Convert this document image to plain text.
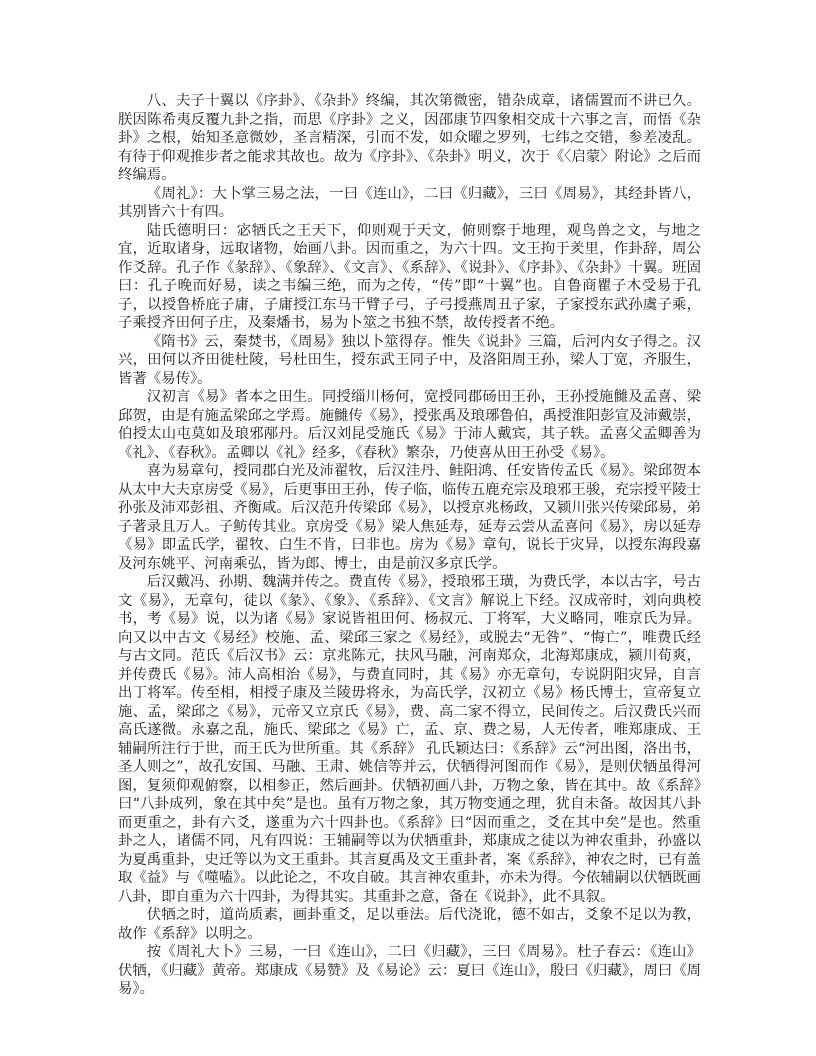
八、夫子十翼以《序卦》、《杂卦》终编，其次第微密，错杂成章，诸儒置而不讲已久。朕因陈希夷反覆九卦之指，而思《序卦》之义，因邵康节四象相交成十六事之言，而悟《杂卦》之根，始知圣意微妙，圣言精深，引而不发，如众曜之罗列，七纬之交错，参差凌乱。有待于仰观推步者之能求其故也。故为《序卦》、《杂卦》明义，次于《〈启蒙〉附论》之后而终编焉。

《周礼》：大卜掌三易之法，一曰《连山》，二曰《归藏》，三曰《周易》，其经卦皆八，其别皆六十有四。

陆氏德明曰：宓牺氏之王天下，仰则观于天文，俯则察于地理，观鸟兽之文，与地之宜，近取诸身，远取诸物，始画八卦。因而重之，为六十四。文王拘于羑里，作卦辞，周公作爻辞。孔子作《彖辞》、《象辞》、《文言》、《系辞》、《说卦》、《序卦》、《杂卦》十翼。班固曰：孔子晚而好易，读之韦编三绝，而为之传，“传”即“十翼”也。自鲁商瞿子木受易于孔子，以授鲁桥庇子庸，子庸授江东马干臂子弓，子弓授燕周丑子家，子家授东武孙虞子乘，子乘授齐田何子庄，及秦燔书，易为卜筮之书独不禁，故传授者不绝。

《隋书》云，秦焚书，《周易》独以卜筮得存。惟失《说卦》三篇，后河内女子得之。汉兴，田何以齐田徙杜陵，号杜田生，授东武王同子中，及洛阳周王孙，梁人丁宽，齐服生，皆著《易传》。

汉初言《易》者本之田生。同授缁川杨何，宽授同郡砀田王孙，王孙授施雠及孟喜、梁邱贺，由是有施孟梁邱之学焉。施雠传《易》，授张禹及琅琊鲁伯，禹授淮阳彭宣及沛戴崇，伯授太山屯莫如及琅邪邴丹。后汉刘昆受施氏《易》于沛人戴宾，其子轶。孟喜父孟卿善为《礼》、《春秋》。孟卿以《礼》经多，《春秋》繁杂，乃使喜从田王孙受《易》。

喜为易章句，授同郡白光及沛翟牧，后汉洼丹、鲑阳鸿、任安皆传孟氏《易》。梁邱贺本从太中大夫京房受《易》，后更事田王孙，传子临，临传五鹿充宗及琅邪王骏，充宗授平陵士孙张及沛邓彭祖、齐衡咸。后汉范升传梁邱《易》，以授京兆杨政，又颍川张兴传梁邱易，弟子著录且万人。子鲂传其业。京房受《易》梁人焦延寿，延寿云尝从孟喜问《易》，房以延寿《易》即孟氏学，翟牧、白生不肯，曰非也。房为《易》章句，说长于灾异，以授东海段嘉及河东姚平、河南乘弘，皆为郎、博士，由是前汉多京氏学。

后汉戴冯、孙期、魏满并传之。费直传《易》，授琅邪王璜，为费氏学，本以古字，号古文《易》，无章句，徒以《彖》、《象》、《系辞》、《文言》解说上下经。汉成帝时，刘向典校书，考《易》说，以为诸《易》家说皆祖田何、杨叔元、丁将军，大义略同，唯京氏为异。向又以中古文《易经》校施、孟、梁邱三家之《易经》，或脱去“无咎”、“悔亡”，唯费氏经与古文同。范氏《后汉书》云：京兆陈元，扶风马融，河南郑众，北海郑康成，颍川荀爽，并传费氏《易》。沛人高相治《易》，与费直同时，其《易》亦无章句，专说阴阳灾异，自言出丁将军。传至相，相授子康及兰陵毋将永，为高氏学，汉初立《易》杨氏博士，宣帝复立施、孟，梁邱之《易》，元帝又立京氏《易》，费、高二家不得立，民间传之。后汉费氏兴而高氏遂微。永嘉之乱，施氏、梁邱之《易》亡，孟、京、费之易，人无传者，唯郑康成、王辅嗣所注行于世，而王氏为世所重。其《系辞》 孔氏颖达曰：《系辞》云“河出图，洛出书，圣人则之”，故孔安国、马融、王肃、姚信等并云，伏牺得河图而作《易》，是则伏牺虽得河图，复须仰观俯察，以相参正，然后画卦。伏牺初画八卦，万物之象，皆在其中。故《系辞》曰“八卦成列，象在其中矣”是也。虽有万物之象，其万物变通之理，犹自未备。故因其八卦而更重之，卦有六爻，遂重为六十四卦也。《系辞》曰“因而重之，爻在其中矣”是也。然重卦之人，诸儒不同，凡有四说：王辅嗣等以为伏牺重卦，郑康成之徒以为神农重卦，孙盛以为夏禹重卦，史迁等以为文王重卦。其言夏禹及文王重卦者，案《系辞》，神农之时，已有盖取《益》与《噬嗑》。以此论之，不攻自破。其言神农重卦，亦未为得。今依辅嗣以伏牺既画八卦，即自重为六十四卦，为得其实。其重卦之意，备在《说卦》，此不具叙。

伏牺之时，道尚质素，画卦重爻，足以垂法。后代浇讹，德不如古，爻象不足以为教，故作《系辞》以明之。

按《周礼大卜》三易，一曰《连山》，二曰《归藏》，三曰《周易》。杜子春云：《连山》伏牺，《归藏》黄帝。郑康成《易赞》及《易论》云：夏曰《连山》，殷曰《归藏》，周曰《周易》。
